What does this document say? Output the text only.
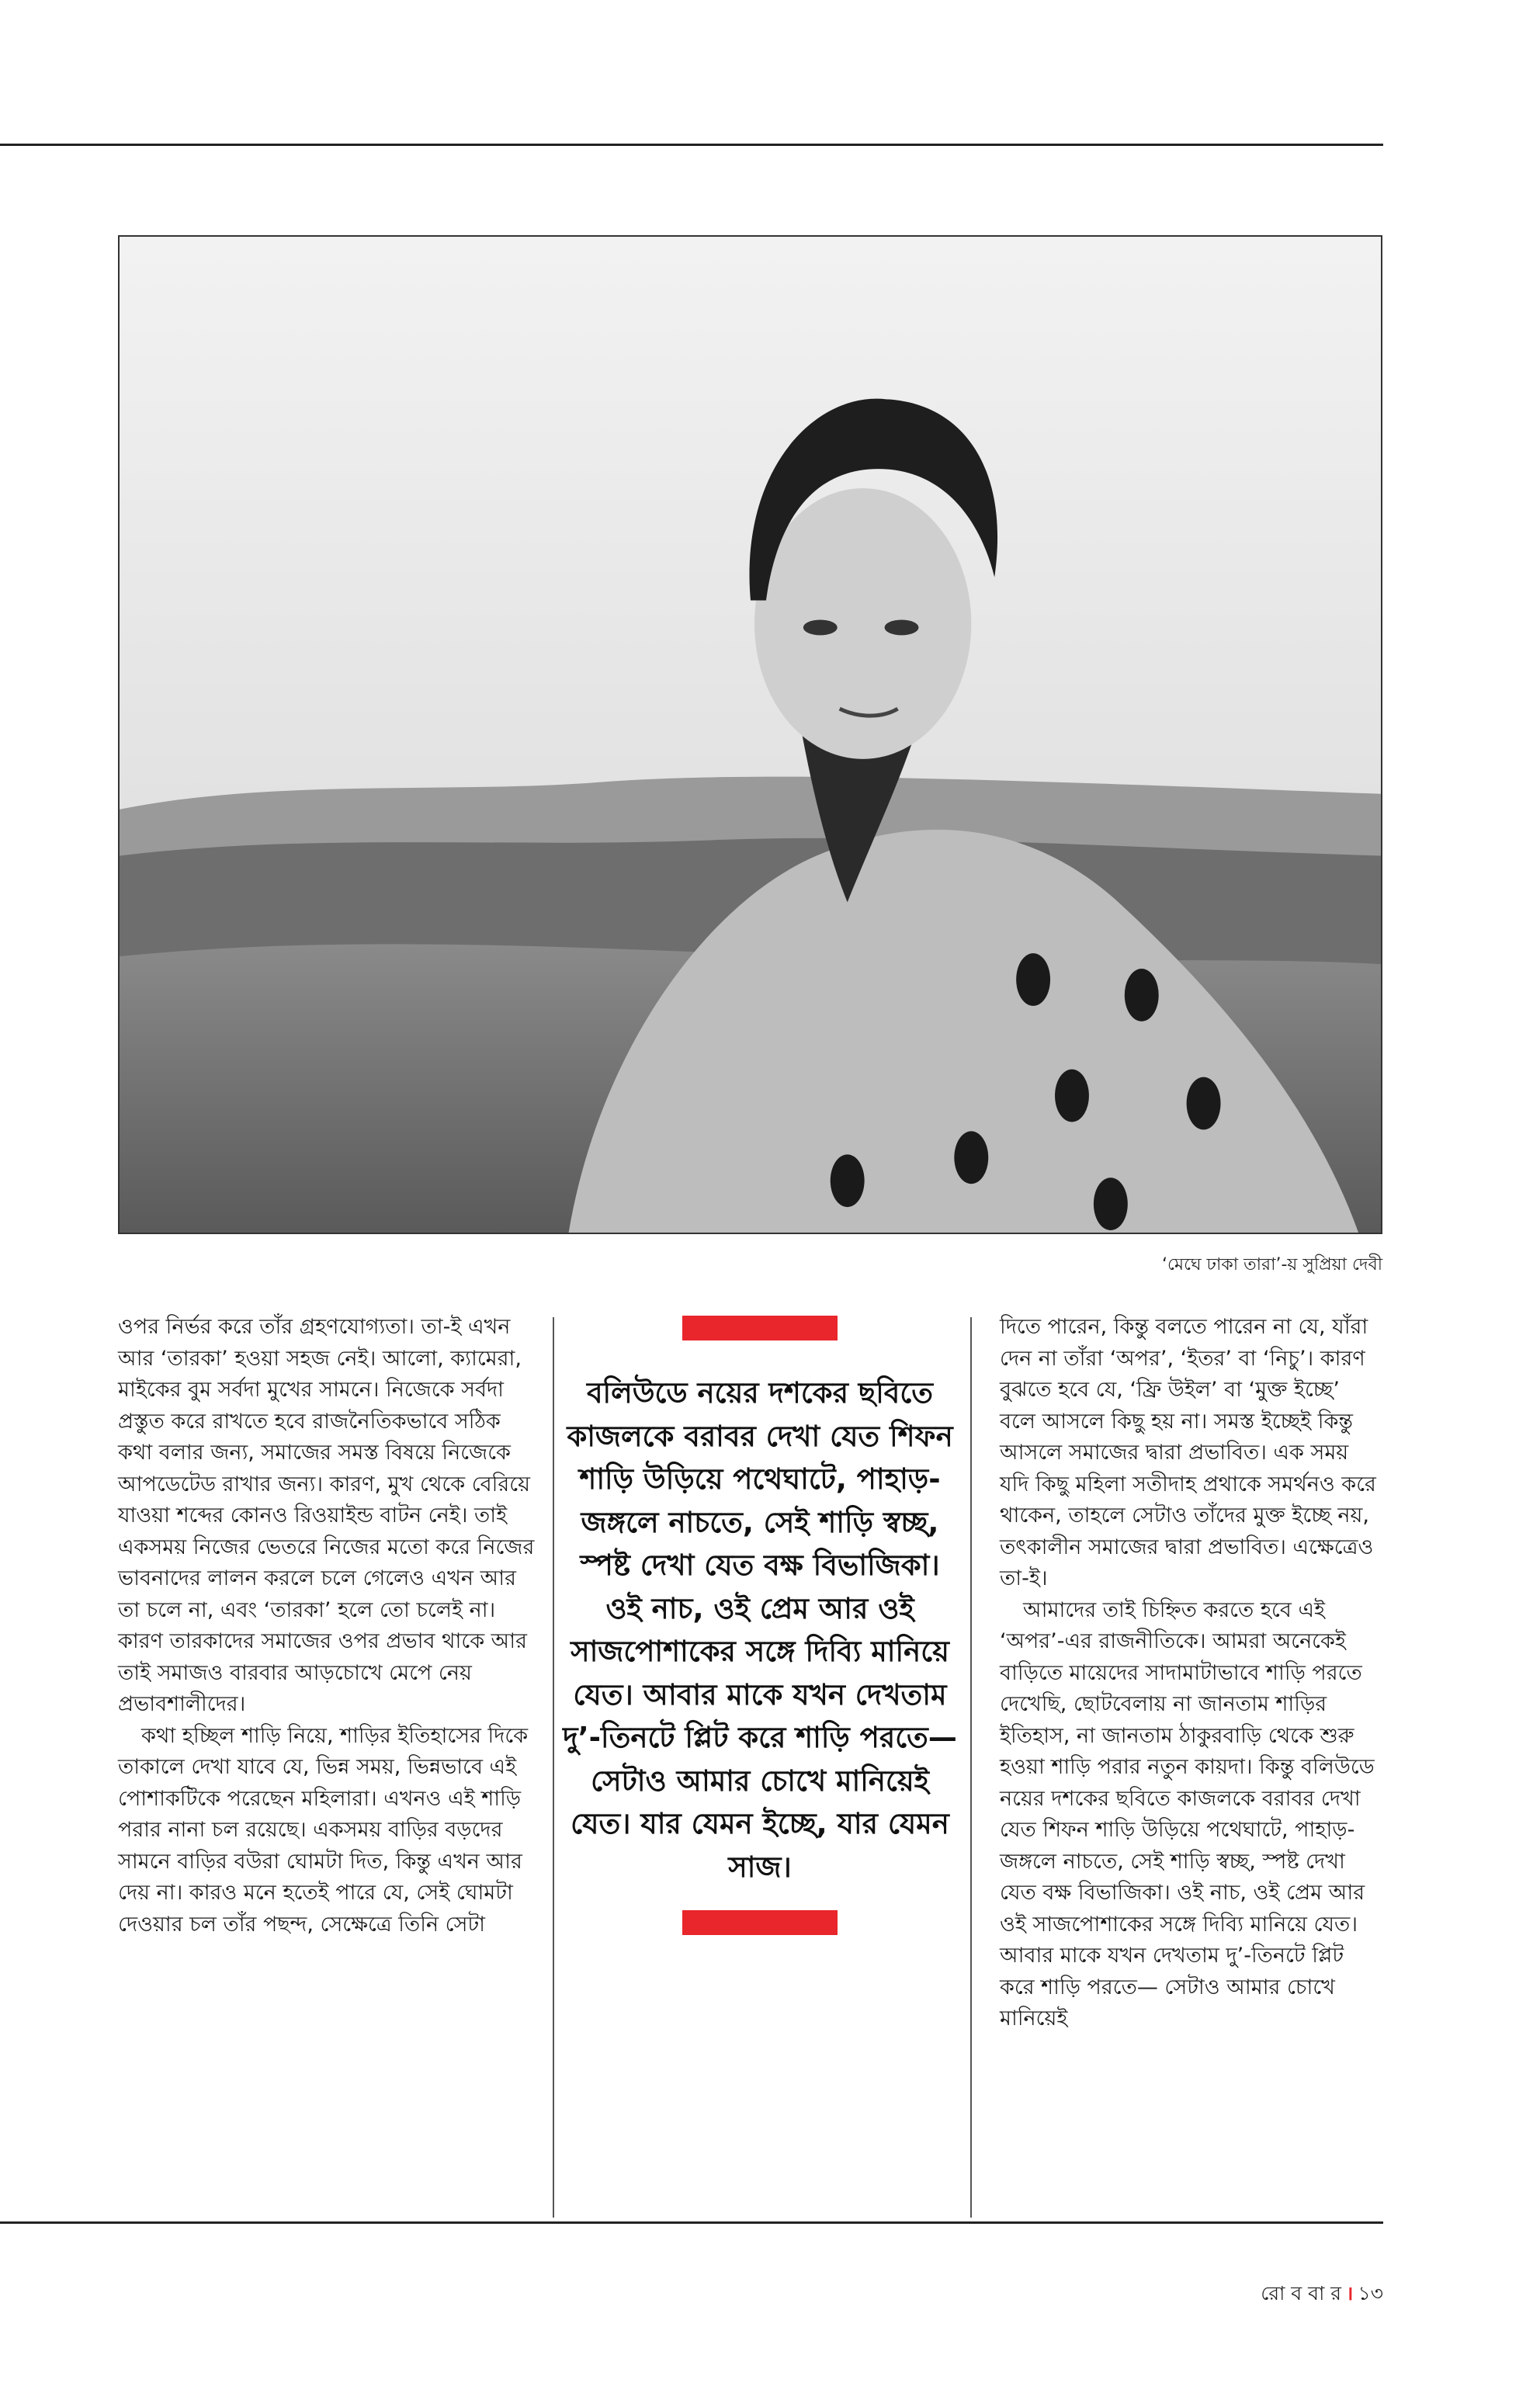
‘মেঘে ঢাকা তারা’-য় সুপ্রিয়া দেবী

ওপর নির্ভর করে তাঁর গ্রহণযোগ্যতা। তা-ই এখন আর ‘তারকা’ হওয়া সহজ নেই। আলো, ক্যামেরা, মাইকের বুম সর্বদা মুখের সামনে। নিজেকে সর্বদা প্রস্তুত করে রাখতে হবে রাজনৈতিকভাবে সঠিক কথা বলার জন্য, সমাজের সমস্ত বিষয়ে নিজেকে আপডেটেড রাখার জন্য। কারণ, মুখ থেকে বেরিয়ে যাওয়া শব্দের কোনও রিওয়াইন্ড বাটন নেই। তাই একসময় নিজের ভেতরে নিজের মতো করে নিজের ভাবনাদের লালন করলে চলে গেলেও এখন আর তা চলে না, এবং ‘তারকা’ হলে তো চলেই না। কারণ তারকাদের সমাজের ওপর প্রভাব থাকে আর তাই সমাজও বারবার আড়চোখে মেপে নেয় প্রভাবশালীদের।

কথা হচ্ছিল শাড়ি নিয়ে, শাড়ির ইতিহাসের দিকে তাকালে দেখা যাবে যে, ভিন্ন সময়, ভিন্নভাবে এই পোশাকটিকে পরেছেন মহিলারা। এখনও এই শাড়ি পরার নানা চল রয়েছে। একসময় বাড়ির বড়দের সামনে বাড়ির বউরা ঘোমটা দিত, কিন্তু এখন আর দেয় না। কারও মনে হতেই পারে যে, সেই ঘোমটা দেওয়ার চল তাঁর পছন্দ, সেক্ষেত্রে তিনি সেটা

বলিউডে নয়ের দশকের ছবিতে কাজলকে বরাবর দেখা যেত শিফন শাড়ি উড়িয়ে পথেঘাটে, পাহাড়-জঙ্গলে নাচতে, সেই শাড়ি স্বচ্ছ, স্পষ্ট দেখা যেত বক্ষ বিভাজিকা। ওই নাচ, ওই প্রেম আর ওই সাজপোশাকের সঙ্গে দিব্যি মানিয়ে যেত। আবার মাকে যখন দেখতাম দু’-তিনটে প্লিট করে শাড়ি পরতে— সেটাও আমার চোখে মানিয়েই যেত। যার যেমন ইচ্ছে, যার যেমন সাজ।

দিতে পারেন, কিন্তু বলতে পারেন না যে, যাঁরা দেন না তাঁরা ‘অপর’, ‘ইতর’ বা ‘নিচু’। কারণ বুঝতে হবে যে, ‘ফ্রি উইল’ বা ‘মুক্ত ইচ্ছে’ বলে আসলে কিছু হয় না। সমস্ত ইচ্ছেই কিন্তু আসলে সমাজের দ্বারা প্রভাবিত। এক সময় যদি কিছু মহিলা সতীদাহ প্রথাকে সমর্থনও করে থাকেন, তাহলে সেটাও তাঁদের মুক্ত ইচ্ছে নয়, তৎকালীন সমাজের দ্বারা প্রভাবিত। এক্ষেত্রেও তা-ই।

আমাদের তাই চিহ্নিত করতে হবে এই ‘অপর’-এর রাজনীতিকে। আমরা অনেকেই বাড়িতে মায়েদের সাদামাটাভাবে শাড়ি পরতে দেখেছি, ছোটবেলায় না জানতাম শাড়ির ইতিহাস, না জানতাম ঠাকুরবাড়ি থেকে শুরু হওয়া শাড়ি পরার নতুন কায়দা। কিন্তু বলিউডে নয়ের দশকের ছবিতে কাজলকে বরাবর দেখা যেত শিফন শাড়ি উড়িয়ে পথেঘাটে, পাহাড়-জঙ্গলে নাচতে, সেই শাড়ি স্বচ্ছ, স্পষ্ট দেখা যেত বক্ষ বিভাজিকা। ওই নাচ, ওই প্রেম আর ওই সাজপোশাকের সঙ্গে দিব্যি মানিয়ে যেত। আবার মাকে যখন দেখতাম দু’-তিনটে প্লিট করে শাড়ি পরতে— সেটাও আমার চোখে মানিয়েই

রো ব বা র । ১৩
